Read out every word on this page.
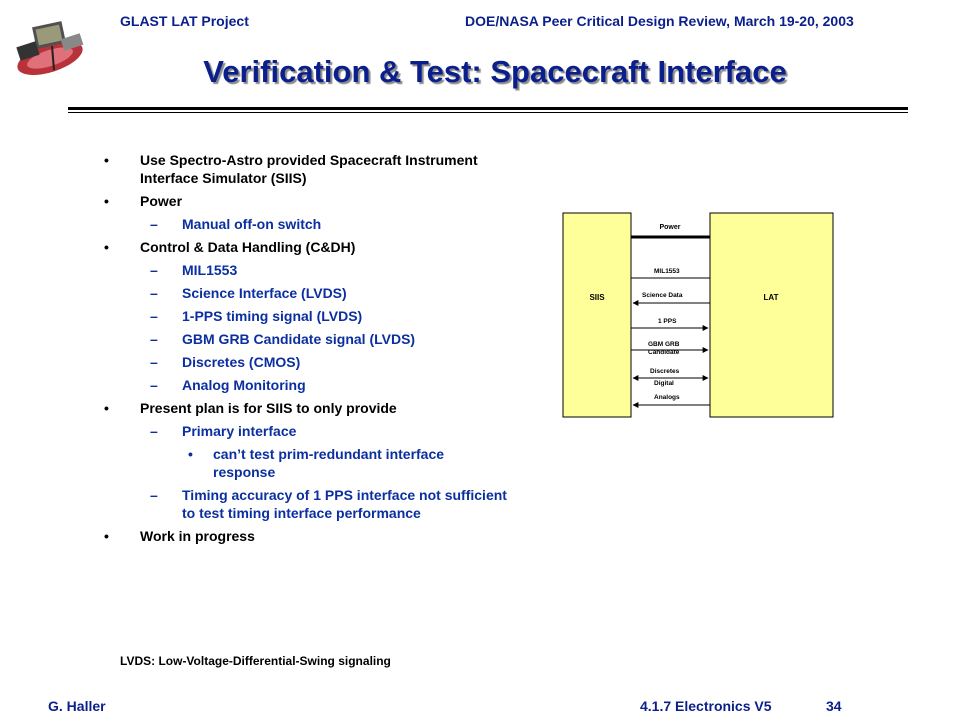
GLAST LAT Project	DOE/NASA Peer Critical Design Review, March 19-20, 2003
Verification & Test: Spacecraft Interface
• Use Spectro-Astro provided Spacecraft Instrument Interface Simulator (SIIS)
• Power
– Manual off-on switch
• Control & Data Handling (C&DH)
– MIL1553
– Science Interface (LVDS)
– 1-PPS timing signal (LVDS)
– GBM GRB Candidate signal (LVDS)
– Discretes (CMOS)
– Analog Monitoring
• Present plan is for SIIS to only provide
– Primary interface
• can’t test prim-redundant interface response
– Timing accuracy of 1 PPS interface not sufficient to test timing interface performance
• Work in progress
SIIS	LAT
Power
MIL1553
Science Data
1 PPS
GBM GRB
Candidate
Discretes
Digital
Analogs
LVDS: Low-Voltage-Differential-Swing signaling
G. Haller	4.1.7 Electronics V5	34
